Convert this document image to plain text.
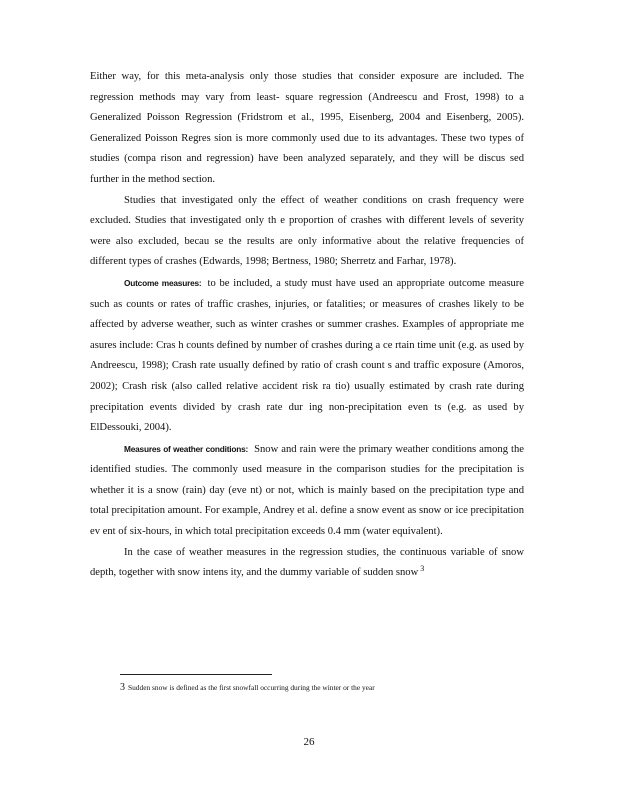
Either way, for this meta-analysis only those studies that consider exposure are included. The regression methods may vary from least- square regression (Andreescu and Frost, 1998) to a Generalized Poisson Regression (Fridstrom et al., 1995, Eisenberg, 2004 and Eisenberg, 2005). Generalized Poisson Regres sion is more commonly used due to its advantages. These two types of studies (compa rison and regression) have been analyzed separately, and they will be discus sed further in the method section.

Studies that investigated only the effect of weather conditions on crash frequency were excluded. Studies that investigated only th e proportion of crashes with different levels of severity were also excluded, becau se the results are only informative about the relative frequencies of different types of crashes (Edwards, 1998; Bertness, 1980; Sherretz and Farhar, 1978).

Outcome measures: to be included, a study must have used an appropriate outcome measure such as counts or rates of traffic crashes, injuries, or fatalities; or measures of crashes likely to be affected by adverse weather, such as winter crashes or summer crashes. Examples of appropriate me asures include: Cras h counts defined by number of crashes during a ce rtain time unit (e.g. as used by Andreescu, 1998); Crash rate usually defined by ratio of crash count s and traffic exposure (Amoros, 2002); Crash risk (also called relative accident risk ra tio) usually estimated by crash rate during precipitation events divided by crash rate dur ing non-precipitation even ts (e.g. as used by ElDessouki, 2004).

Measures of weather conditions: Snow and rain were the primary weather conditions among the identified studies. The commonly used measure in the comparison studies for the precipitation is whether it is a snow (rain) day (eve nt) or not, which is mainly based on the precipitation type and total precipitation amount. For example, Andrey et al. define a snow event as snow or ice precipitation ev ent of six-hours, in which total precipitation exceeds 0.4 mm (water equivalent).

In the case of weather measures in the regression studies, the continuous variable of snow depth, together with snow intens ity, and the dummy variable of sudden snow $^3$

3 Sudden snow is defined as the first snowfall occurring during the winter or the year
26
